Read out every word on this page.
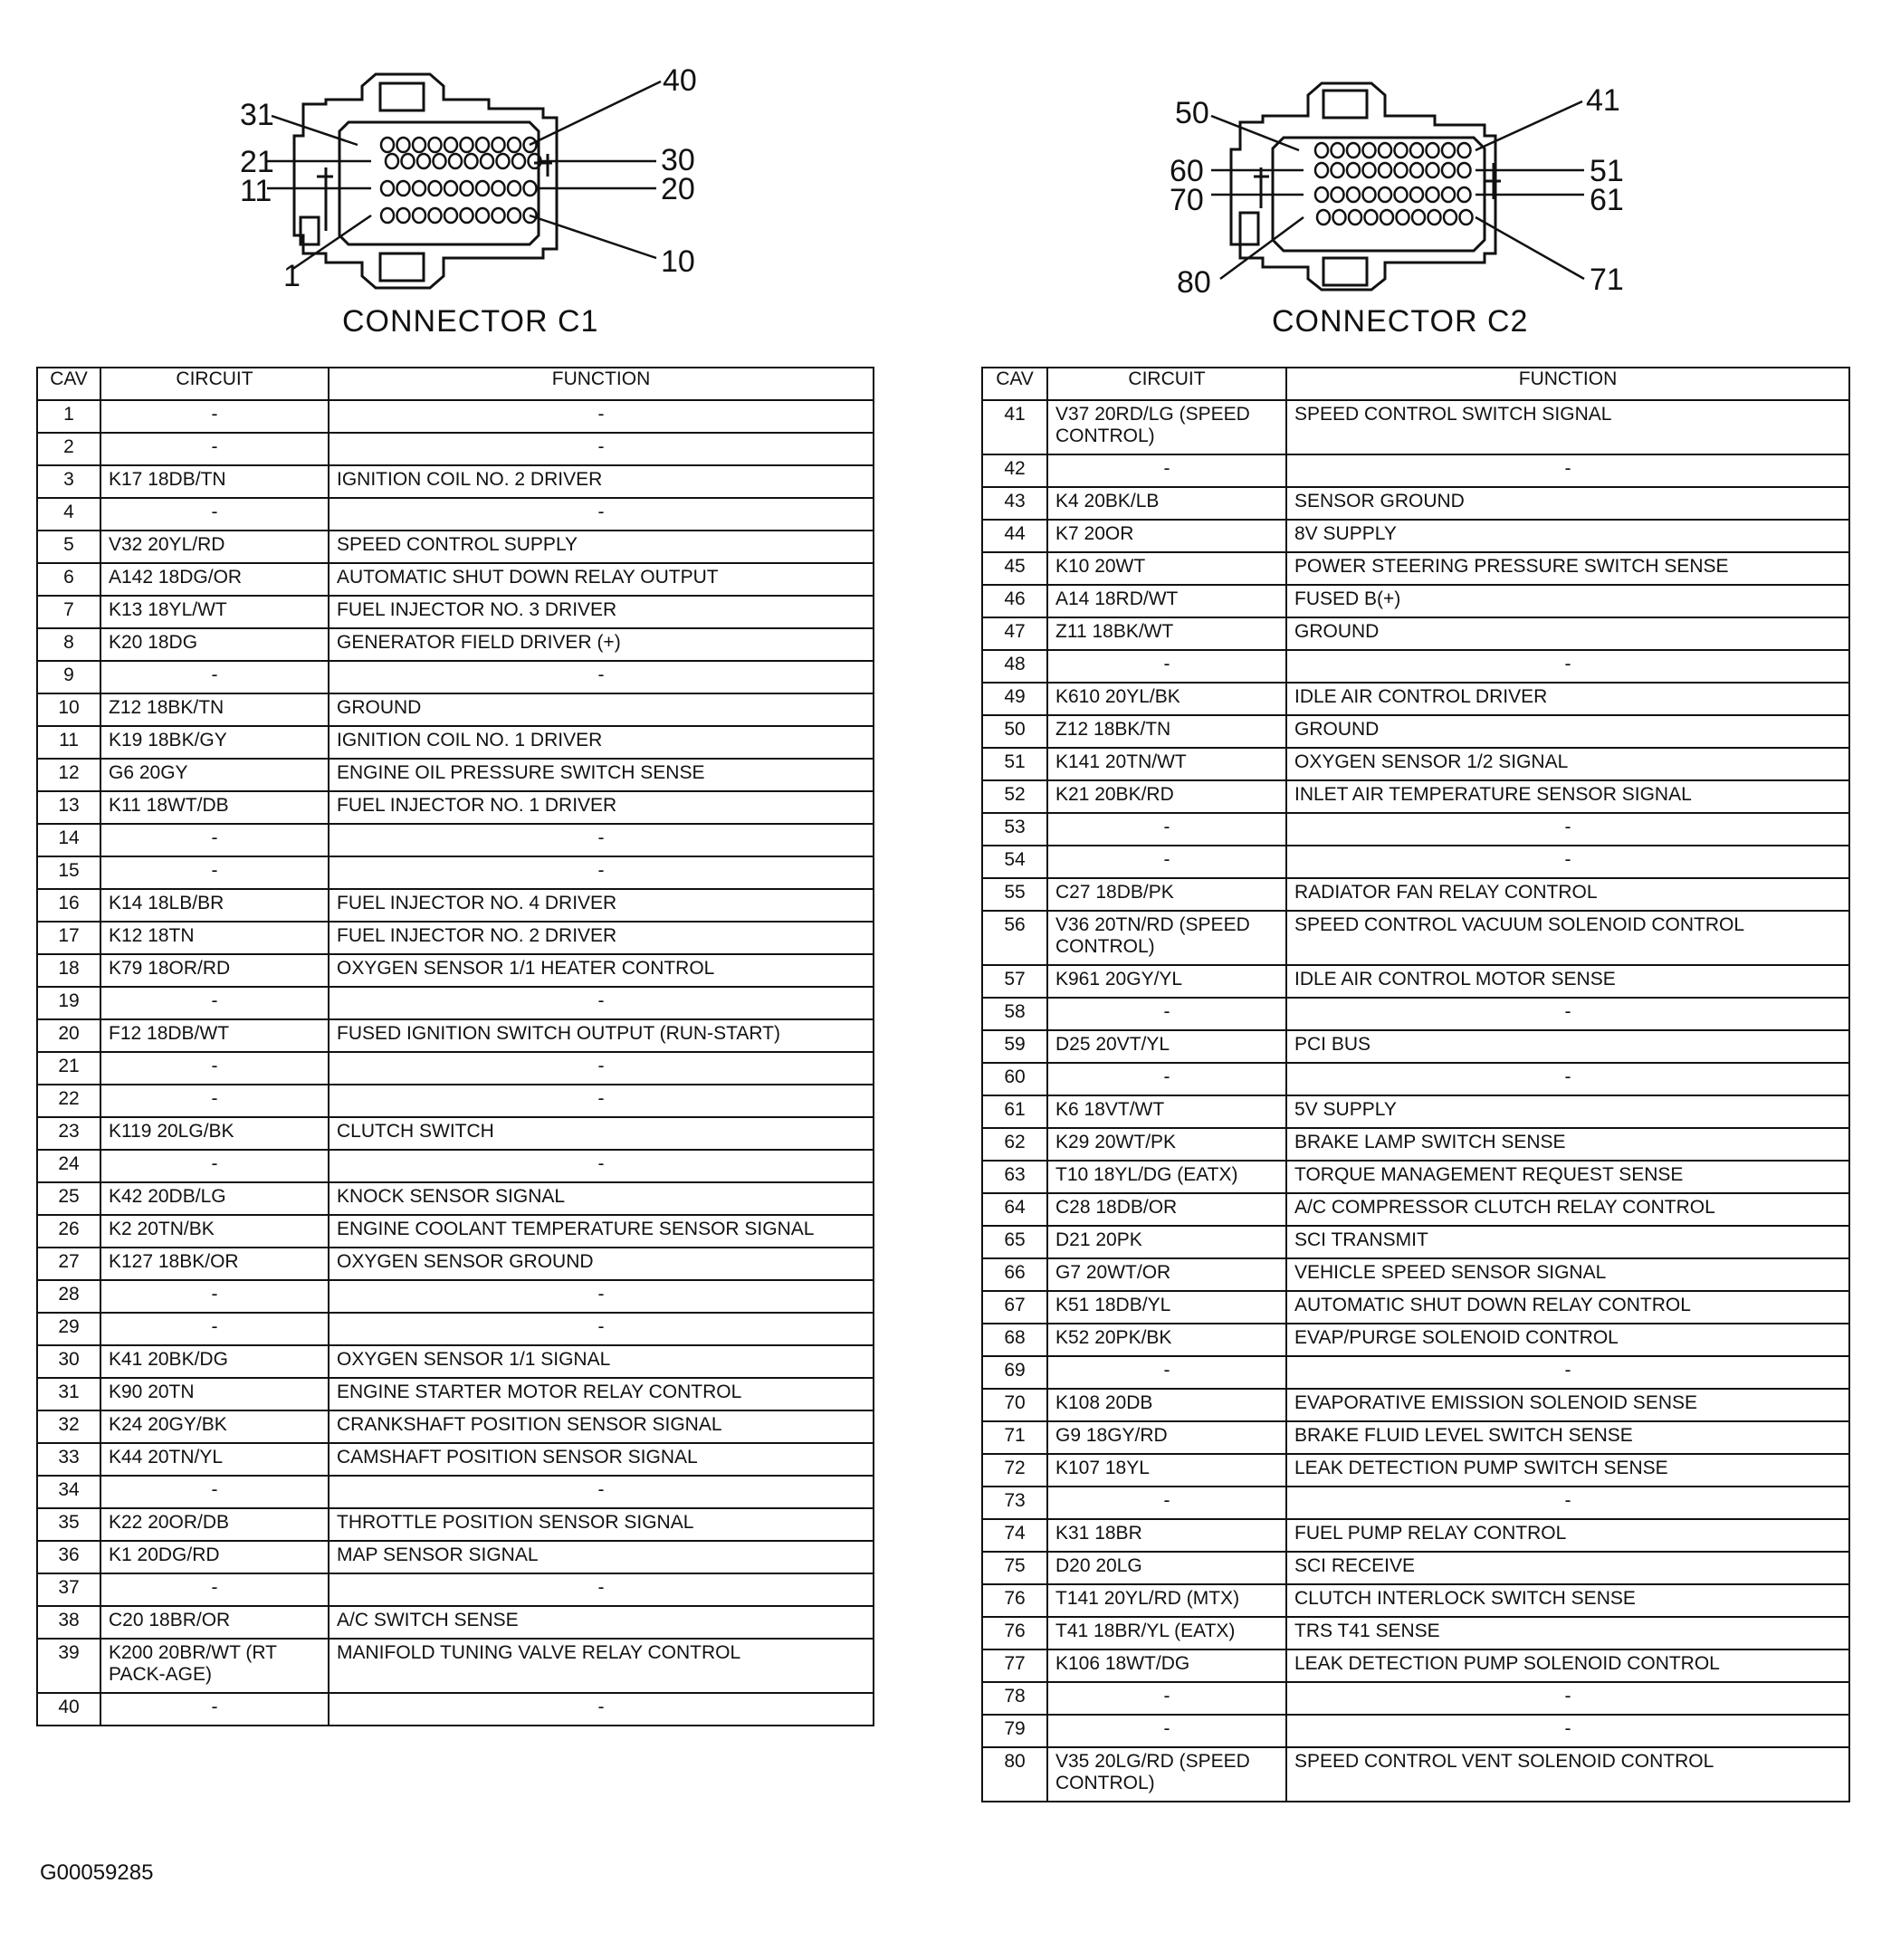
31
21
11
1
40
30
20
10
CONNECTOR C1
50
60
70
80
41
51
61
71
CONNECTOR C2
CAV	CIRCUIT	FUNCTION
1	-	-
2	-	-
3	K17 18DB/TN	IGNITION COIL NO. 2 DRIVER
4	-	-
5	V32 20YL/RD	SPEED CONTROL SUPPLY
6	A142 18DG/OR	AUTOMATIC SHUT DOWN RELAY OUTPUT
7	K13 18YL/WT	FUEL INJECTOR NO. 3 DRIVER
8	K20 18DG	GENERATOR FIELD DRIVER (+)
9	-	-
10	Z12 18BK/TN	GROUND
11	K19 18BK/GY	IGNITION COIL NO. 1 DRIVER
12	G6 20GY	ENGINE OIL PRESSURE SWITCH SENSE
13	K11 18WT/DB	FUEL INJECTOR NO. 1 DRIVER
14	-	-
15	-	-
16	K14 18LB/BR	FUEL INJECTOR NO. 4 DRIVER
17	K12 18TN	FUEL INJECTOR NO. 2 DRIVER
18	K79 18OR/RD	OXYGEN SENSOR 1/1 HEATER CONTROL
19	-	-
20	F12 18DB/WT	FUSED IGNITION SWITCH OUTPUT (RUN-START)
21	-	-
22	-	-
23	K119 20LG/BK	CLUTCH SWITCH
24	-	-
25	K42 20DB/LG	KNOCK SENSOR SIGNAL
26	K2 20TN/BK	ENGINE COOLANT TEMPERATURE SENSOR SIGNAL
27	K127 18BK/OR	OXYGEN SENSOR GROUND
28	-	-
29	-	-
30	K41 20BK/DG	OXYGEN SENSOR 1/1 SIGNAL
31	K90 20TN	ENGINE STARTER MOTOR RELAY CONTROL
32	K24 20GY/BK	CRANKSHAFT POSITION SENSOR SIGNAL
33	K44 20TN/YL	CAMSHAFT POSITION SENSOR SIGNAL
34	-	-
35	K22 20OR/DB	THROTTLE POSITION SENSOR SIGNAL
36	K1 20DG/RD	MAP SENSOR SIGNAL
37	-	-
38	C20 18BR/OR	A/C SWITCH SENSE
39	K200 20BR/WT (RT PACK-AGE)	MANIFOLD TUNING VALVE RELAY CONTROL
40	-	-
CAV	CIRCUIT	FUNCTION
41	V37 20RD/LG (SPEED CONTROL)	SPEED CONTROL SWITCH SIGNAL
42	-	-
43	K4 20BK/LB	SENSOR GROUND
44	K7 20OR	8V SUPPLY
45	K10 20WT	POWER STEERING PRESSURE SWITCH SENSE
46	A14 18RD/WT	FUSED B(+)
47	Z11 18BK/WT	GROUND
48	-	-
49	K610 20YL/BK	IDLE AIR CONTROL DRIVER
50	Z12 18BK/TN	GROUND
51	K141 20TN/WT	OXYGEN SENSOR 1/2 SIGNAL
52	K21 20BK/RD	INLET AIR TEMPERATURE SENSOR SIGNAL
53	-	-
54	-	-
55	C27 18DB/PK	RADIATOR FAN RELAY CONTROL
56	V36 20TN/RD (SPEED CONTROL)	SPEED CONTROL VACUUM SOLENOID CONTROL
57	K961 20GY/YL	IDLE AIR CONTROL MOTOR SENSE
58	-	-
59	D25 20VT/YL	PCI BUS
60	-	-
61	K6 18VT/WT	5V SUPPLY
62	K29 20WT/PK	BRAKE LAMP SWITCH SENSE
63	T10 18YL/DG (EATX)	TORQUE MANAGEMENT REQUEST SENSE
64	C28 18DB/OR	A/C COMPRESSOR CLUTCH RELAY CONTROL
65	D21 20PK	SCI TRANSMIT
66	G7 20WT/OR	VEHICLE SPEED SENSOR SIGNAL
67	K51 18DB/YL	AUTOMATIC SHUT DOWN RELAY CONTROL
68	K52 20PK/BK	EVAP/PURGE SOLENOID CONTROL
69	-	-
70	K108 20DB	EVAPORATIVE EMISSION SOLENOID SENSE
71	G9 18GY/RD	BRAKE FLUID LEVEL SWITCH SENSE
72	K107 18YL	LEAK DETECTION PUMP SWITCH SENSE
73	-	-
74	K31 18BR	FUEL PUMP RELAY CONTROL
75	D20 20LG	SCI RECEIVE
76	T141 20YL/RD (MTX)	CLUTCH INTERLOCK SWITCH SENSE
76	T41 18BR/YL (EATX)	TRS T41 SENSE
77	K106 18WT/DG	LEAK DETECTION PUMP SOLENOID CONTROL
78	-	-
79	-	-
80	V35 20LG/RD (SPEED CONTROL)	SPEED CONTROL VENT SOLENOID CONTROL
G00059285
